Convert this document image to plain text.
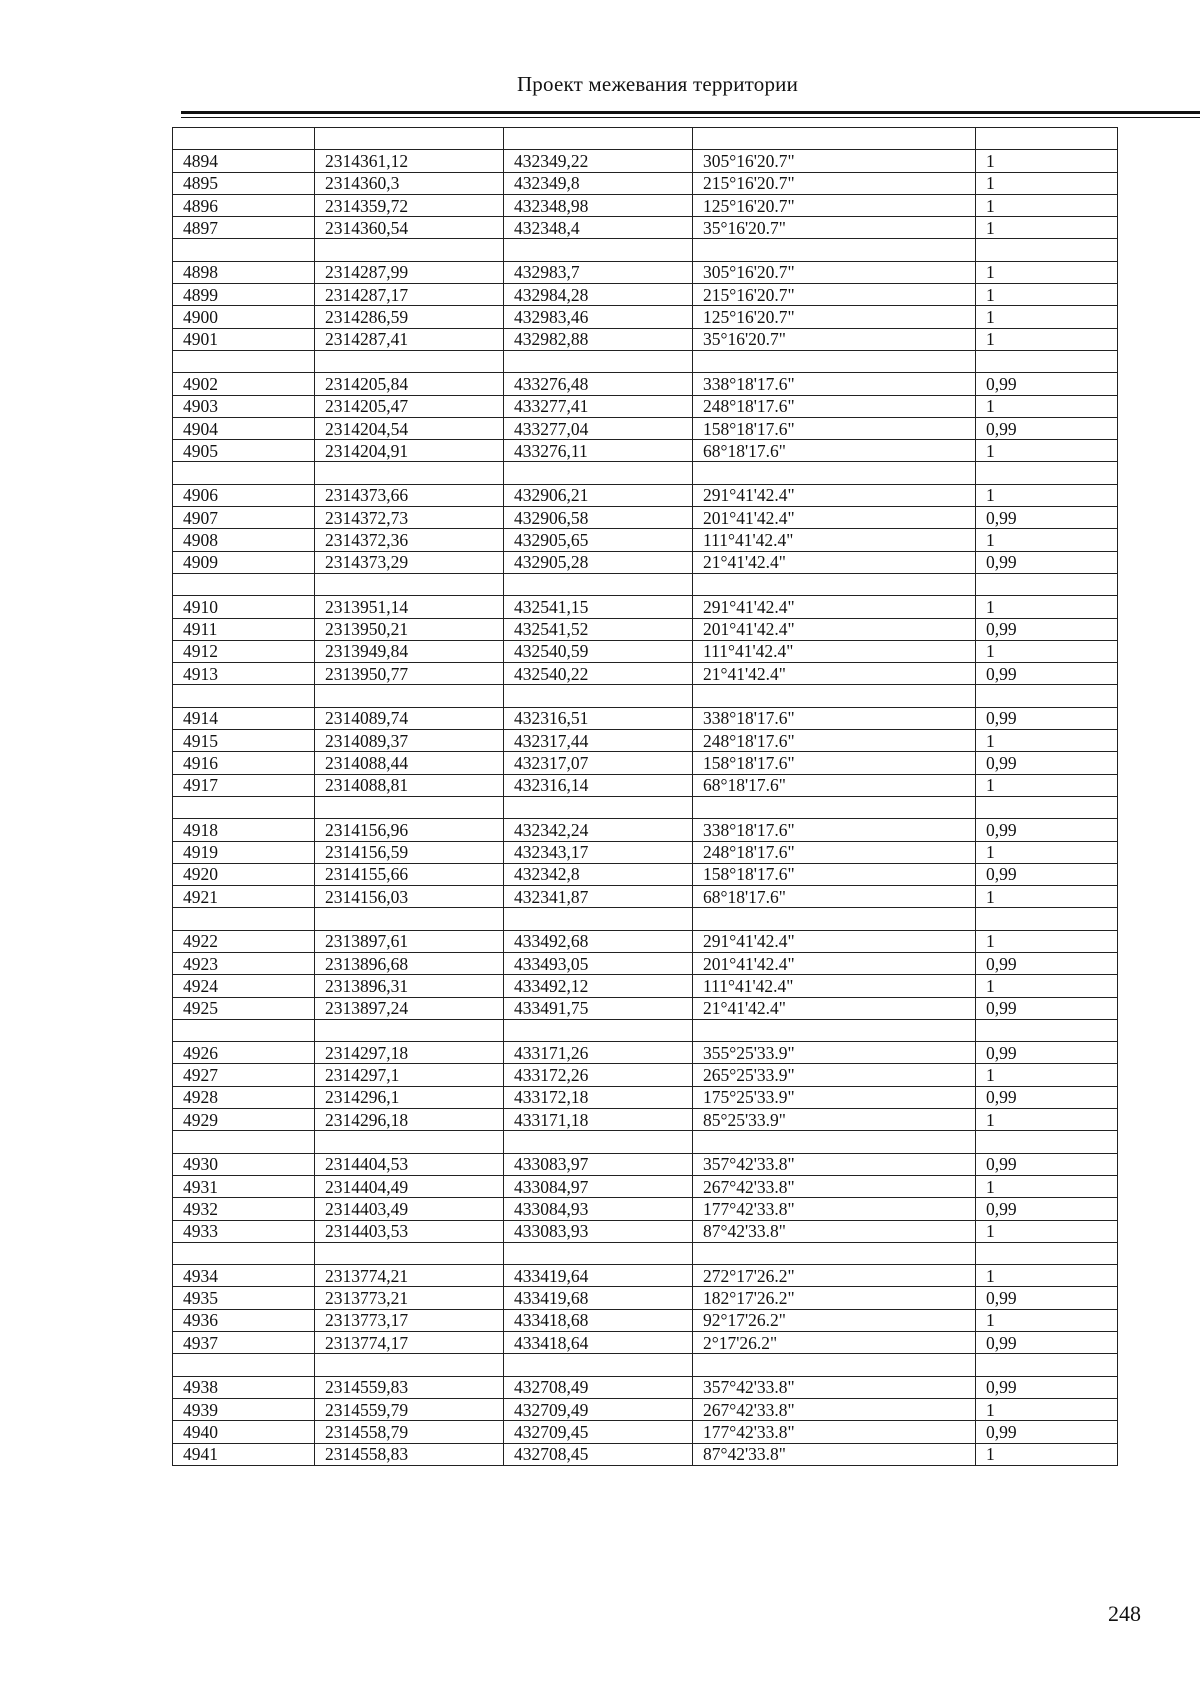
Проект межевания территории

4894	2314361,12	432349,22	305°16'20.7"	1
4895	2314360,3	432349,8	215°16'20.7"	1
4896	2314359,72	432348,98	125°16'20.7"	1
4897	2314360,54	432348,4	35°16'20.7"	1

4898	2314287,99	432983,7	305°16'20.7"	1
4899	2314287,17	432984,28	215°16'20.7"	1
4900	2314286,59	432983,46	125°16'20.7"	1
4901	2314287,41	432982,88	35°16'20.7"	1

4902	2314205,84	433276,48	338°18'17.6"	0,99
4903	2314205,47	433277,41	248°18'17.6"	1
4904	2314204,54	433277,04	158°18'17.6"	0,99
4905	2314204,91	433276,11	68°18'17.6"	1

4906	2314373,66	432906,21	291°41'42.4"	1
4907	2314372,73	432906,58	201°41'42.4"	0,99
4908	2314372,36	432905,65	111°41'42.4"	1
4909	2314373,29	432905,28	21°41'42.4"	0,99

4910	2313951,14	432541,15	291°41'42.4"	1
4911	2313950,21	432541,52	201°41'42.4"	0,99
4912	2313949,84	432540,59	111°41'42.4"	1
4913	2313950,77	432540,22	21°41'42.4"	0,99

4914	2314089,74	432316,51	338°18'17.6"	0,99
4915	2314089,37	432317,44	248°18'17.6"	1
4916	2314088,44	432317,07	158°18'17.6"	0,99
4917	2314088,81	432316,14	68°18'17.6"	1

4918	2314156,96	432342,24	338°18'17.6"	0,99
4919	2314156,59	432343,17	248°18'17.6"	1
4920	2314155,66	432342,8	158°18'17.6"	0,99
4921	2314156,03	432341,87	68°18'17.6"	1

4922	2313897,61	433492,68	291°41'42.4"	1
4923	2313896,68	433493,05	201°41'42.4"	0,99
4924	2313896,31	433492,12	111°41'42.4"	1
4925	2313897,24	433491,75	21°41'42.4"	0,99

4926	2314297,18	433171,26	355°25'33.9"	0,99
4927	2314297,1	433172,26	265°25'33.9"	1
4928	2314296,1	433172,18	175°25'33.9"	0,99
4929	2314296,18	433171,18	85°25'33.9"	1

4930	2314404,53	433083,97	357°42'33.8"	0,99
4931	2314404,49	433084,97	267°42'33.8"	1
4932	2314403,49	433084,93	177°42'33.8"	0,99
4933	2314403,53	433083,93	87°42'33.8"	1

4934	2313774,21	433419,64	272°17'26.2"	1
4935	2313773,21	433419,68	182°17'26.2"	0,99
4936	2313773,17	433418,68	92°17'26.2"	1
4937	2313774,17	433418,64	2°17'26.2"	0,99

4938	2314559,83	432708,49	357°42'33.8"	0,99
4939	2314559,79	432709,49	267°42'33.8"	1
4940	2314558,79	432709,45	177°42'33.8"	0,99
4941	2314558,83	432708,45	87°42'33.8"	1
248
